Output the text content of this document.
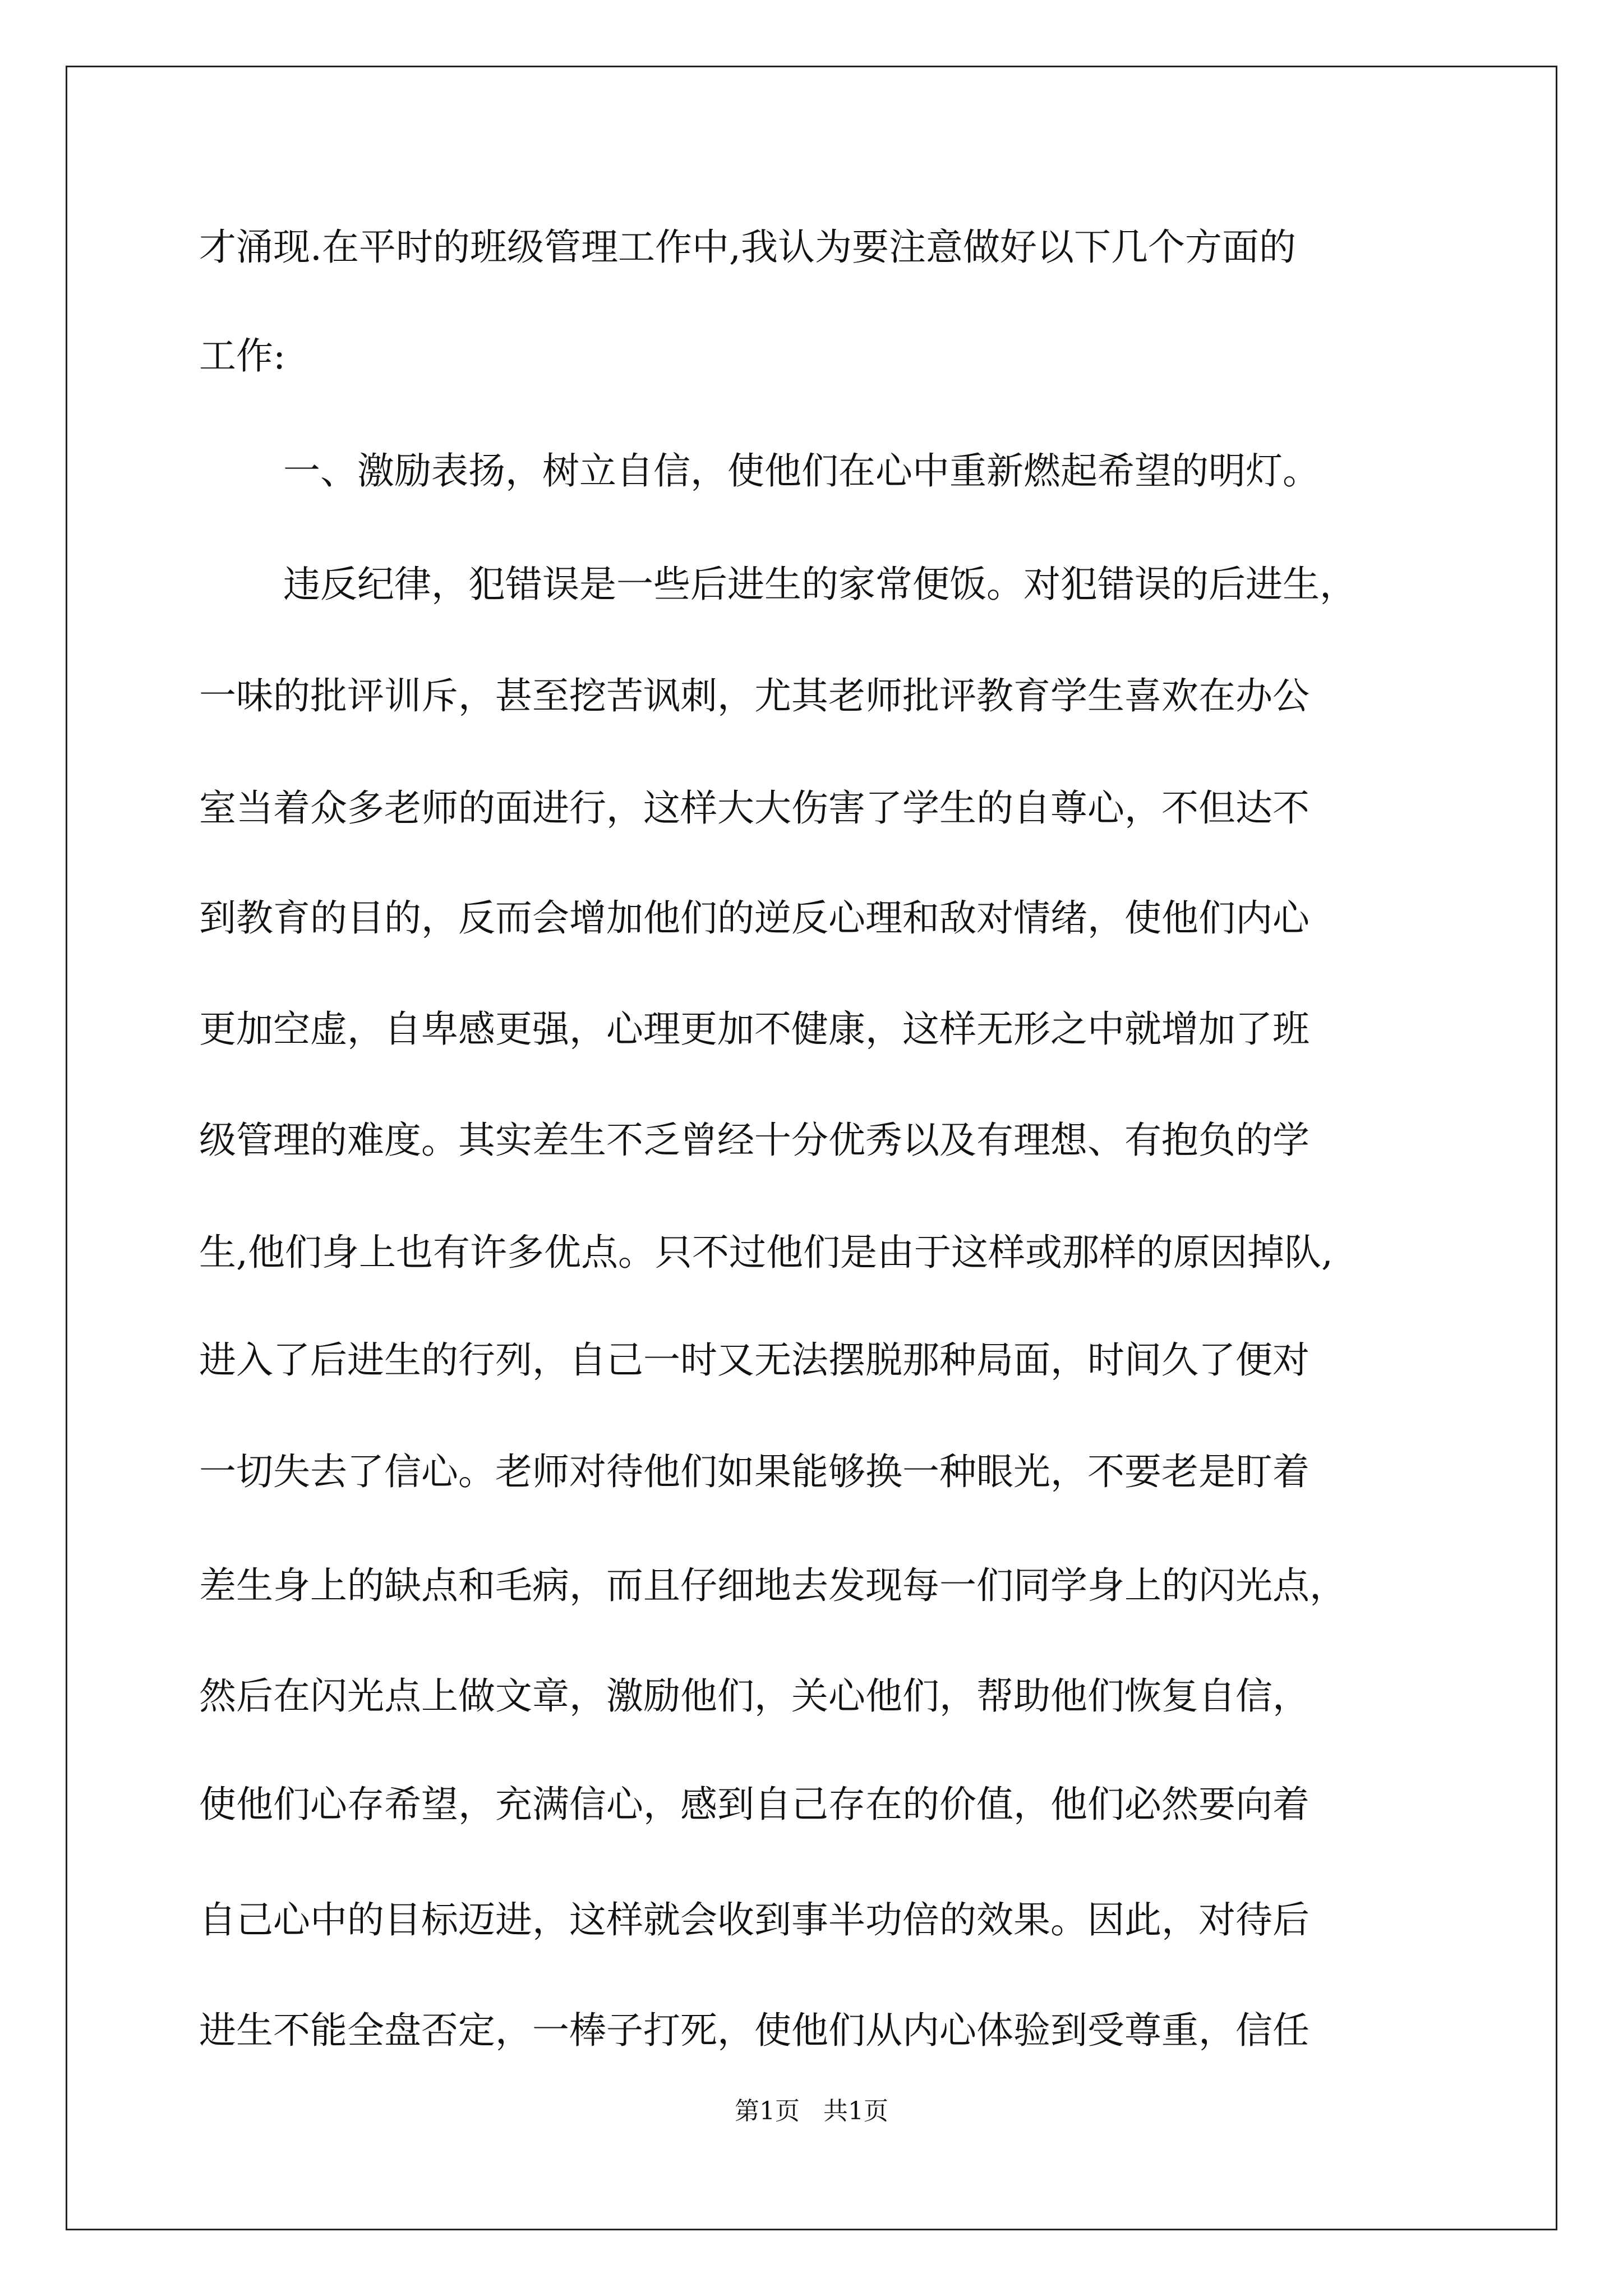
才涌现.在平时的班级管理工作中,我认为要注意做好以下几个方面的
工作:
一、激励表扬，树立自信，使他们在心中重新燃起希望的明灯。
违反纪律，犯错误是一些后进生的家常便饭。对犯错误的后进生，
一味的批评训斥，甚至挖苦讽刺，尤其老师批评教育学生喜欢在办公
室当着众多老师的面进行，这样大大伤害了学生的自尊心，不但达不
到教育的目的，反而会增加他们的逆反心理和敌对情绪，使他们内心
更加空虚，自卑感更强，心理更加不健康，这样无形之中就增加了班
级管理的难度。其实差生不乏曾经十分优秀以及有理想、有抱负的学
生,他们身上也有许多优点。只不过他们是由于这样或那样的原因掉队,
进入了后进生的行列，自己一时又无法摆脱那种局面，时间久了便对
一切失去了信心。老师对待他们如果能够换一种眼光，不要老是盯着
差生身上的缺点和毛病，而且仔细地去发现每一们同学身上的闪光点，
然后在闪光点上做文章，激励他们，关心他们，帮助他们恢复自信，
使他们心存希望，充满信心，感到自己存在的价值，他们必然要向着
自己心中的目标迈进，这样就会收到事半功倍的效果。因此，对待后
进生不能全盘否定，一棒子打死，使他们从内心体验到受尊重，信任
第1页   共1页
